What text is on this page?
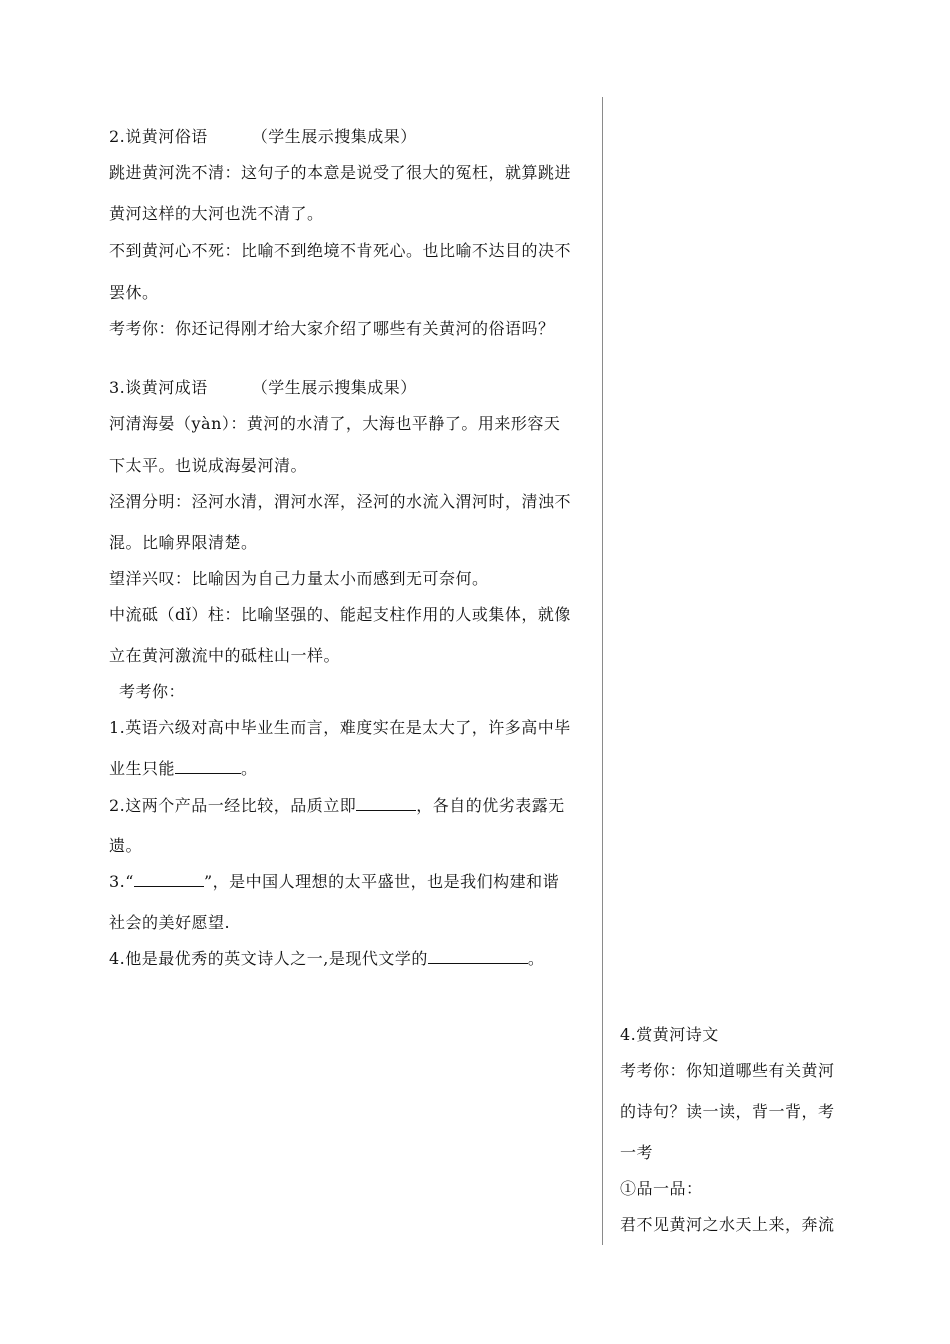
2.说黄河俗语	（学生展示搜集成果）
跳进黄河洗不清：这句子的本意是说受了很大的冤枉，就算跳进
黄河这样的大河也洗不清了。
不到黄河心不死：比喻不到绝境不肯死心。也比喻不达目的决不
罢休。
考考你：你还记得刚才给大家介绍了哪些有关黄河的俗语吗？
3.谈黄河成语	（学生展示搜集成果）
河清海晏（yàn）：黄河的水清了，大海也平静了。用来形容天
下太平。也说成海晏河清。
泾渭分明：泾河水清，渭河水浑，泾河的水流入渭河时，清浊不
混。比喻界限清楚。
望洋兴叹：比喻因为自己力量太小而感到无可奈何。
中流砥（dǐ）柱：比喻坚强的、能起支柱作用的人或集体，就像
立在黄河激流中的砥柱山一样。
考考你：
1.英语六级对高中毕业生而言，难度实在是太大了，许多高中毕
业生只能	。
2.这两个产品一经比较，品质立即	，各自的优劣表露无
遗。
3.“	”，是中国人理想的太平盛世，也是我们构建和谐
社会的美好愿望.
4.他是最优秀的英文诗人之一,是现代文学的	。
4.赏黄河诗文
考考你：你知道哪些有关黄河
的诗句？读一读，背一背，考
一考
①品一品：
君不见黄河之水天上来，奔流
